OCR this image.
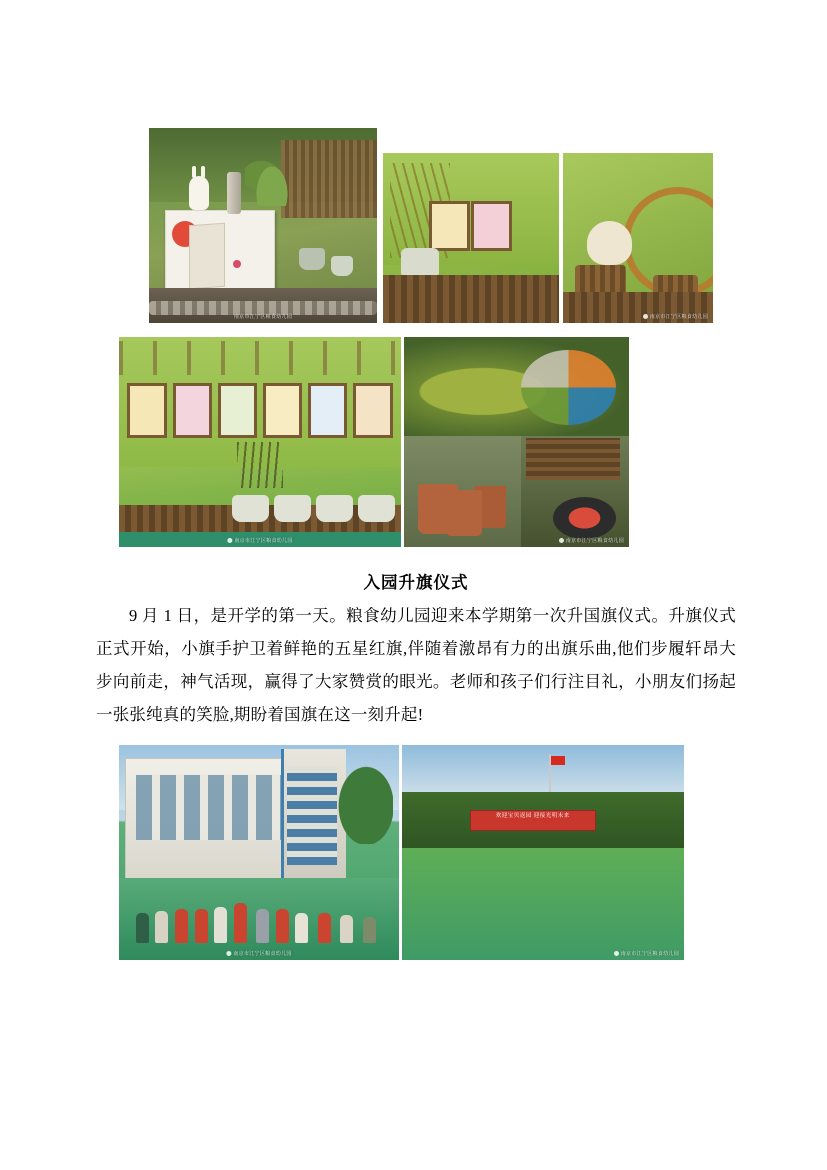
南京市江宁区粮食幼儿园	南京市江宁区粮食幼儿园
南京市江宁区粮食幼儿园	南京市江宁区粮食幼儿园
入园升旗仪式

9 月 1 日，是开学的第一天。粮食幼儿园迎来本学期第一次升国旗仪式。升旗仪式正式开始，小旗手护卫着鲜艳的五星红旗,伴随着激昂有力的出旗乐曲,他们步履轩昂大步向前走，神气活现，赢得了大家赞赏的眼光。老师和孩子们行注目礼，小朋友们扬起一张张纯真的笑脸,期盼着国旗在这一刻升起!

南京市江宁区粮食幼儿园
欢迎宝贝返园 迎接光明未来
南京市江宁区粮食幼儿园
